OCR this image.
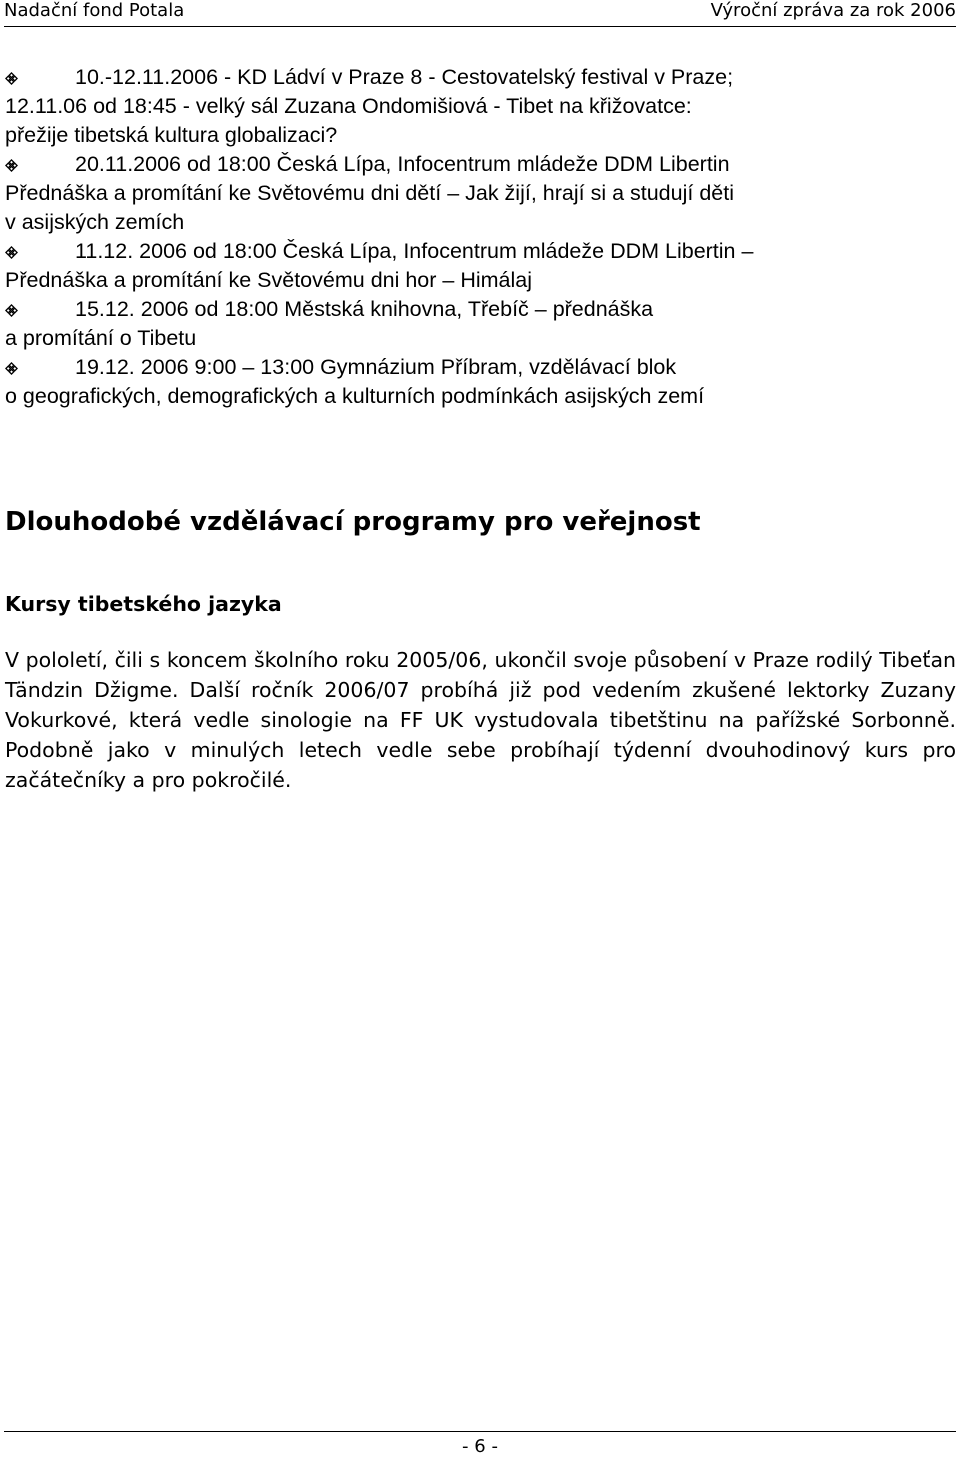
Nadační fond Potala	Výroční zpráva za rok 2006

10.-12.11.2006 - KD Ládví v Praze 8 - Cestovatelský festival v Praze;

12.11.06 od 18:45 - velký sál Zuzana Ondomišiová - Tibet na křižovatce:

přežije tibetská kultura globalizaci?

20.11.2006 od 18:00 Česká Lípa, Infocentrum mládeže DDM Libertin

Přednáška a promítání ke Světovému dni dětí – Jak žijí, hrají si a studují děti

v asijských zemích

11.12. 2006 od 18:00 Česká Lípa, Infocentrum mládeže DDM Libertin –

Přednáška a promítání ke Světovému dni hor – Himálaj

15.12. 2006 od 18:00 Městská knihovna, Třebíč – přednáška

a promítání o Tibetu

19.12. 2006 9:00 – 13:00 Gymnázium Příbram, vzdělávací blok

o geografických, demografických a kulturních podmínkách asijských zemí

Dlouhodobé vzdělávací programy pro veřejnost
Kursy tibetského jazyka

V pololetí, čili s koncem školního roku 2005/06, ukončil svoje působení v Praze rodilý Tibeťan Tändzin Džigme. Další ročník 2006/07 probíhá již pod vedením zkušené lektorky Zuzany Vokurkové, která vedle sinologie na FF UK vystudovala tibetštinu na pařížské Sorbonně. Podobně jako v minulých letech vedle sebe probíhají týdenní dvouhodinový kurs pro začátečníky a pro pokročilé.

- 6 -
